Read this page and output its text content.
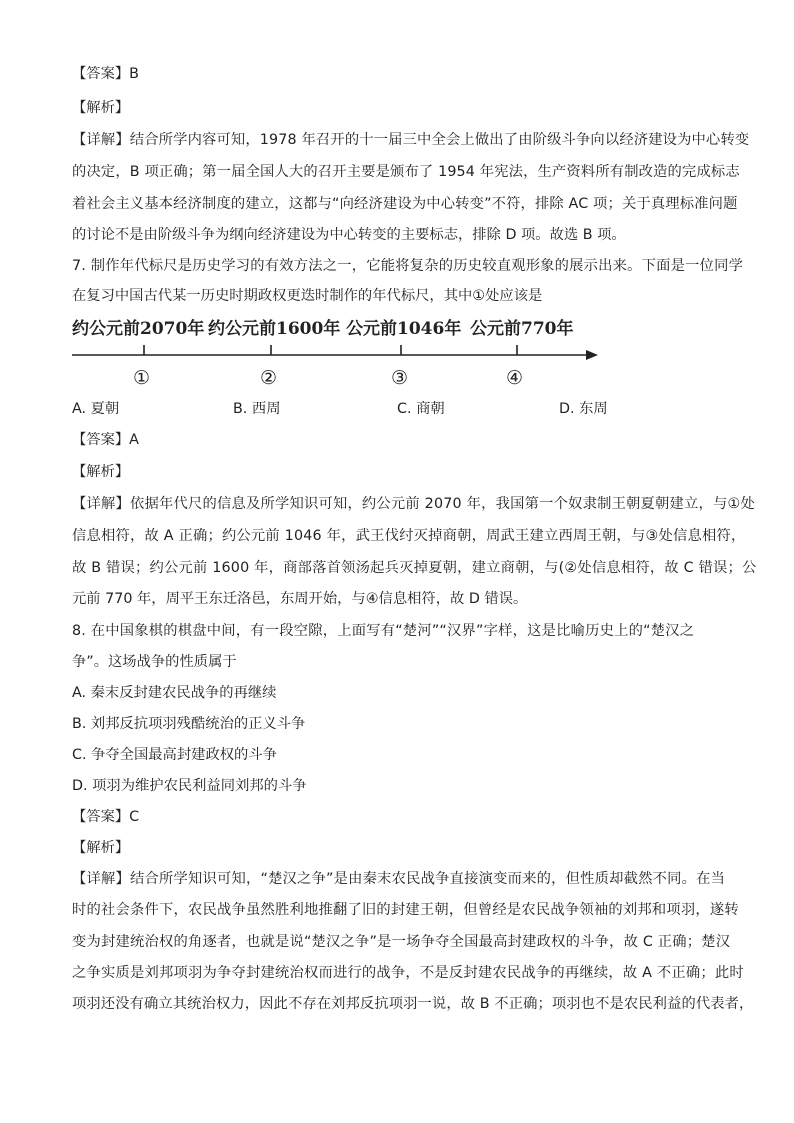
【答案】B
【解析】
【详解】结合所学内容可知，1978 年召开的十一届三中全会上做出了由阶级斗争向以经济建设为中心转变
的决定，B 项正确；第一届全国人大的召开主要是颁布了 1954 年宪法，生产资料所有制改造的完成标志
着社会主义基本经济制度的建立，这都与“向经济建设为中心转变”不符，排除 AC 项；关于真理标准问题
的讨论不是由阶级斗争为纲向经济建设为中心转变的主要标志，排除 D 项。故选 B 项。
7. 制作年代标尺是历史学习的有效方法之一，它能将复杂的历史较直观形象的展示出来。下面是一位同学
在复习中国古代某一历史时期政权更迭时制作的年代标尺，其中①处应该是
约公元前2070年 约公元前1600年 公元前1046年 公元前770年
①	②	③	④
A. 夏朝	B. 西周	C. 商朝	D. 东周
【答案】A
【解析】
【详解】依据年代尺的信息及所学知识可知，约公元前 2070 年，我国第一个奴隶制王朝夏朝建立，与①处
信息相符，故 A 正确；约公元前 1046 年，武王伐纣灭掉商朝，周武王建立西周王朝，与③处信息相符，
故 B 错误；约公元前 1600 年，商部落首领汤起兵灭掉夏朝，建立商朝，与(②处信息相符，故 C 错误；公
元前 770 年，周平王东迁洛邑，东周开始，与④信息相符，故 D 错误。
8. 在中国象棋的棋盘中间，有一段空隙，上面写有“楚河”“汉界”字样，这是比喻历史上的“楚汉之
争”。这场战争的性质属于
A. 秦末反封建农民战争的再继续
B. 刘邦反抗项羽残酷统治的正义斗争
C. 争夺全国最高封建政权的斗争
D. 项羽为维护农民利益同刘邦的斗争
【答案】C
【解析】
【详解】结合所学知识可知，“楚汉之争”是由秦末农民战争直接演变而来的，但性质却截然不同。在当
时的社会条件下，农民战争虽然胜利地推翻了旧的封建王朝，但曾经是农民战争领袖的刘邦和项羽，遂转
变为封建统治权的角逐者，也就是说“楚汉之争”是一场争夺全国最高封建政权的斗争，故 C 正确；楚汉
之争实质是刘邦项羽为争夺封建统治权而进行的战争，不是反封建农民战争的再继续，故 A 不正确；此时
项羽还没有确立其统治权力，因此不存在刘邦反抗项羽一说，故 B 不正确；项羽也不是农民利益的代表者，
